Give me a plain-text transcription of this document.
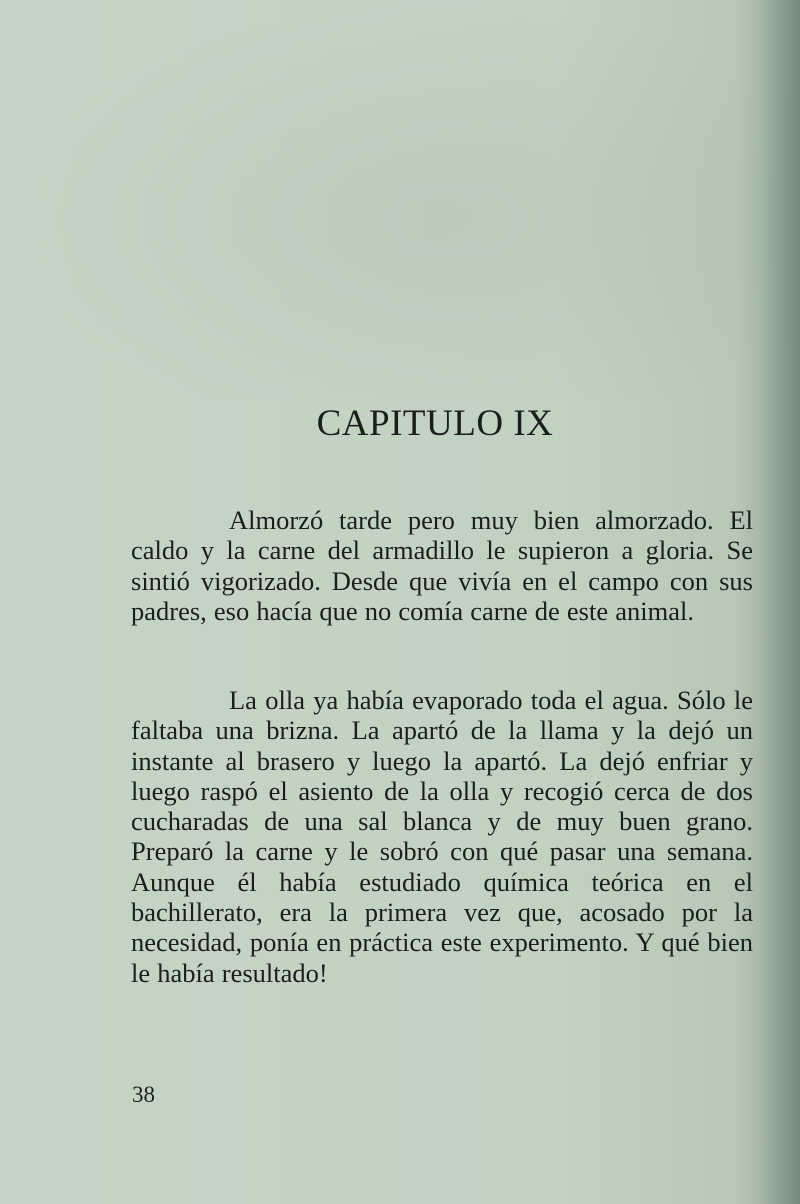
CAPITULO IX

Almorzó tarde pero muy bien almorzado. El caldo y la carne del armadillo le supieron a gloria. Se sintió vigorizado. Desde que vivía en el campo con sus padres, eso hacía que no comía carne de este animal.

La olla ya había evaporado toda el agua. Sólo le faltaba una brizna. La apartó de la llama y la dejó un instante al brasero y luego la apartó. La dejó enfriar y luego raspó el asiento de la olla y recogió cerca de dos cucharadas de una sal blanca y de muy buen grano. Preparó la carne y le sobró con qué pasar una semana. Aunque él había estudiado química teórica en el bachillerato, era la primera vez que, acosado por la necesidad, ponía en práctica este experimento. Y qué bien le había resultado!

38
